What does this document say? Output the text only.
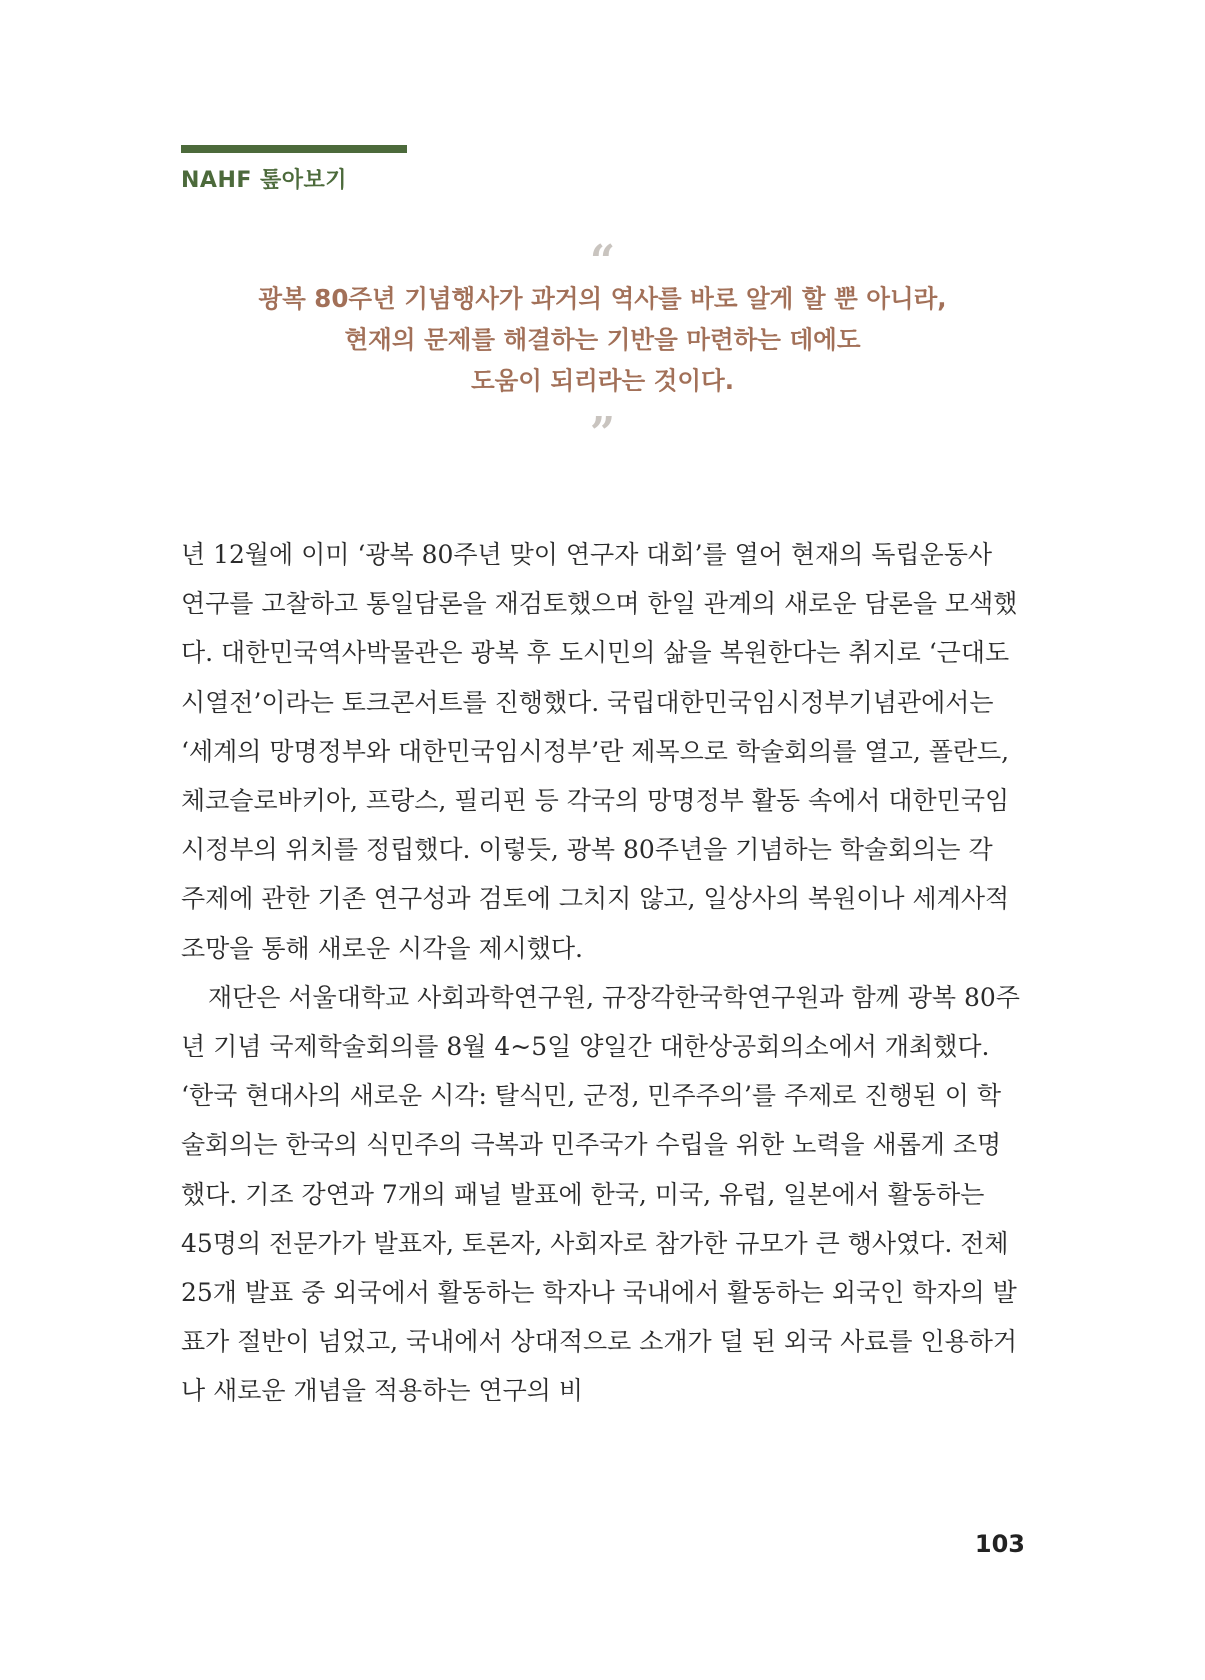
NAHF 톺아보기
“
광복 80주년 기념행사가 과거의 역사를 바로 알게 할 뿐 아니라,
현재의 문제를 해결하는 기반을 마련하는 데에도
도움이 되리라는 것이다.
”
년 12월에 이미 ‘광복 80주년 맞이 연구자 대회’를 열어 현재의 독립운동사 연구를 고찰하고 통일담론을 재검토했으며 한일 관계의 새로운 담론을 모색했다. 대한민국역사박물관은 광복 후 도시민의 삶을 복원한다는 취지로 ‘근대도시열전’이라는 토크콘서트를 진행했다. 국립대한민국임시정부기념관에서는 ‘세계의 망명정부와 대한민국임시정부’란 제목으로 학술회의를 열고, 폴란드, 체코슬로바키아, 프랑스, 필리핀 등 각국의 망명정부 활동 속에서 대한민국임시정부의 위치를 정립했다. 이렇듯, 광복 80주년을 기념하는 학술회의는 각 주제에 관한 기존 연구성과 검토에 그치지 않고, 일상사의 복원이나 세계사적 조망을 통해 새로운 시각을 제시했다.
재단은 서울대학교 사회과학연구원, 규장각한국학연구원과 함께 광복 80주년 기념 국제학술회의를 8월 4~5일 양일간 대한상공회의소에서 개최했다. ‘한국 현대사의 새로운 시각: 탈식민, 군정, 민주주의’를 주제로 진행된 이 학술회의는 한국의 식민주의 극복과 민주국가 수립을 위한 노력을 새롭게 조명했다. 기조 강연과 7개의 패널 발표에 한국, 미국, 유럽, 일본에서 활동하는 45명의 전문가가 발표자, 토론자, 사회자로 참가한 규모가 큰 행사였다. 전체 25개 발표 중 외국에서 활동하는 학자나 국내에서 활동하는 외국인 학자의 발표가 절반이 넘었고, 국내에서 상대적으로 소개가 덜 된 외국 사료를 인용하거나 새로운 개념을 적용하는 연구의 비
103
